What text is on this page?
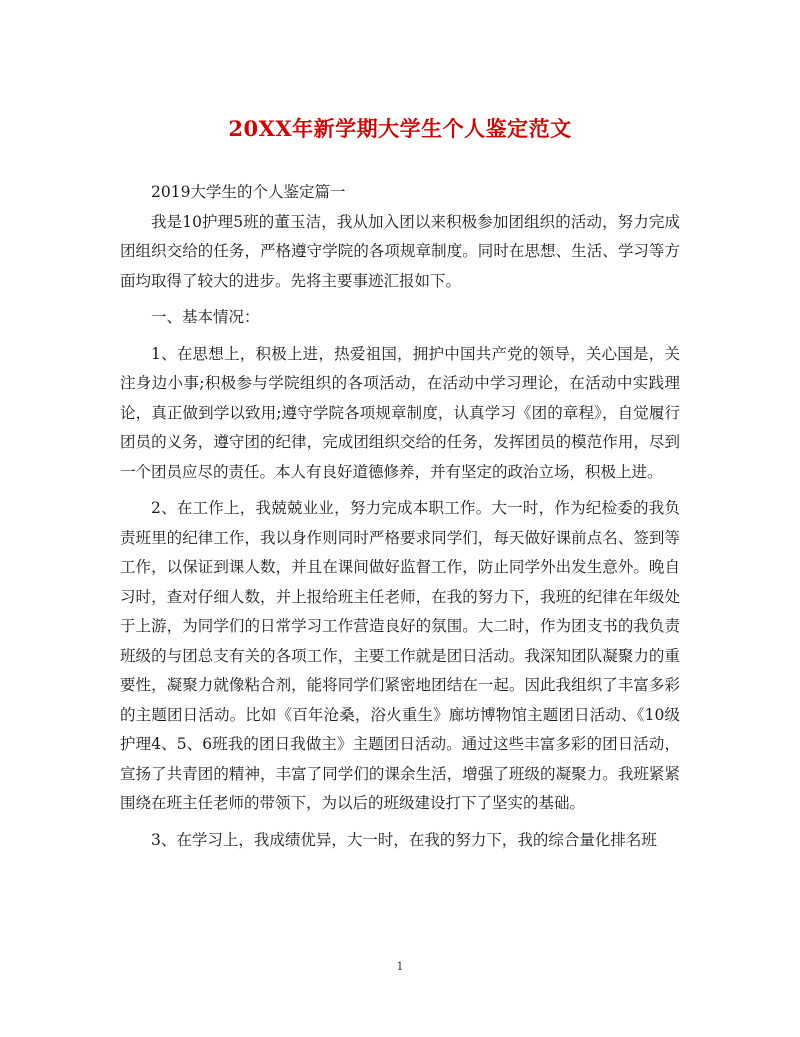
20XX年新学期大学生个人鉴定范文

2019大学生的个人鉴定篇一

我是10护理5班的董玉洁，我从加入团以来积极参加团组织的活动，努力完成团组织交给的任务，严格遵守学院的各项规章制度。同时在思想、生活、学习等方面均取得了较大的进步。先将主要事迹汇报如下。

一、基本情况：

1、在思想上，积极上进，热爱祖国，拥护中国共产党的领导，关心国是，关注身边小事;积极参与学院组织的各项活动，在活动中学习理论，在活动中实践理论，真正做到学以致用;遵守学院各项规章制度，认真学习《团的章程》，自觉履行团员的义务，遵守团的纪律，完成团组织交给的任务，发挥团员的模范作用，尽到一个团员应尽的责任。本人有良好道德修养，并有坚定的政治立场，积极上进。

2、在工作上，我兢兢业业，努力完成本职工作。大一时，作为纪检委的我负责班里的纪律工作，我以身作则同时严格要求同学们，每天做好课前点名、签到等工作，以保证到课人数，并且在课间做好监督工作，防止同学外出发生意外。晚自习时，查对仔细人数，并上报给班主任老师，在我的努力下，我班的纪律在年级处于上游，为同学们的日常学习工作营造良好的氛围。大二时，作为团支书的我负责班级的与团总支有关的各项工作，主要工作就是团日活动。我深知团队凝聚力的重要性，凝聚力就像粘合剂，能将同学们紧密地团结在一起。因此我组织了丰富多彩的主题团日活动。比如《百年沧桑，浴火重生》廊坊博物馆主题团日活动、《10级护理4、5、6班我的团日我做主》主题团日活动。通过这些丰富多彩的团日活动，宣扬了共青团的精神，丰富了同学们的课余生活，增强了班级的凝聚力。我班紧紧围绕在班主任老师的带领下，为以后的班级建设打下了坚实的基础。

3、在学习上，我成绩优异，大一时，在我的努力下，我的综合量化排名班

1
